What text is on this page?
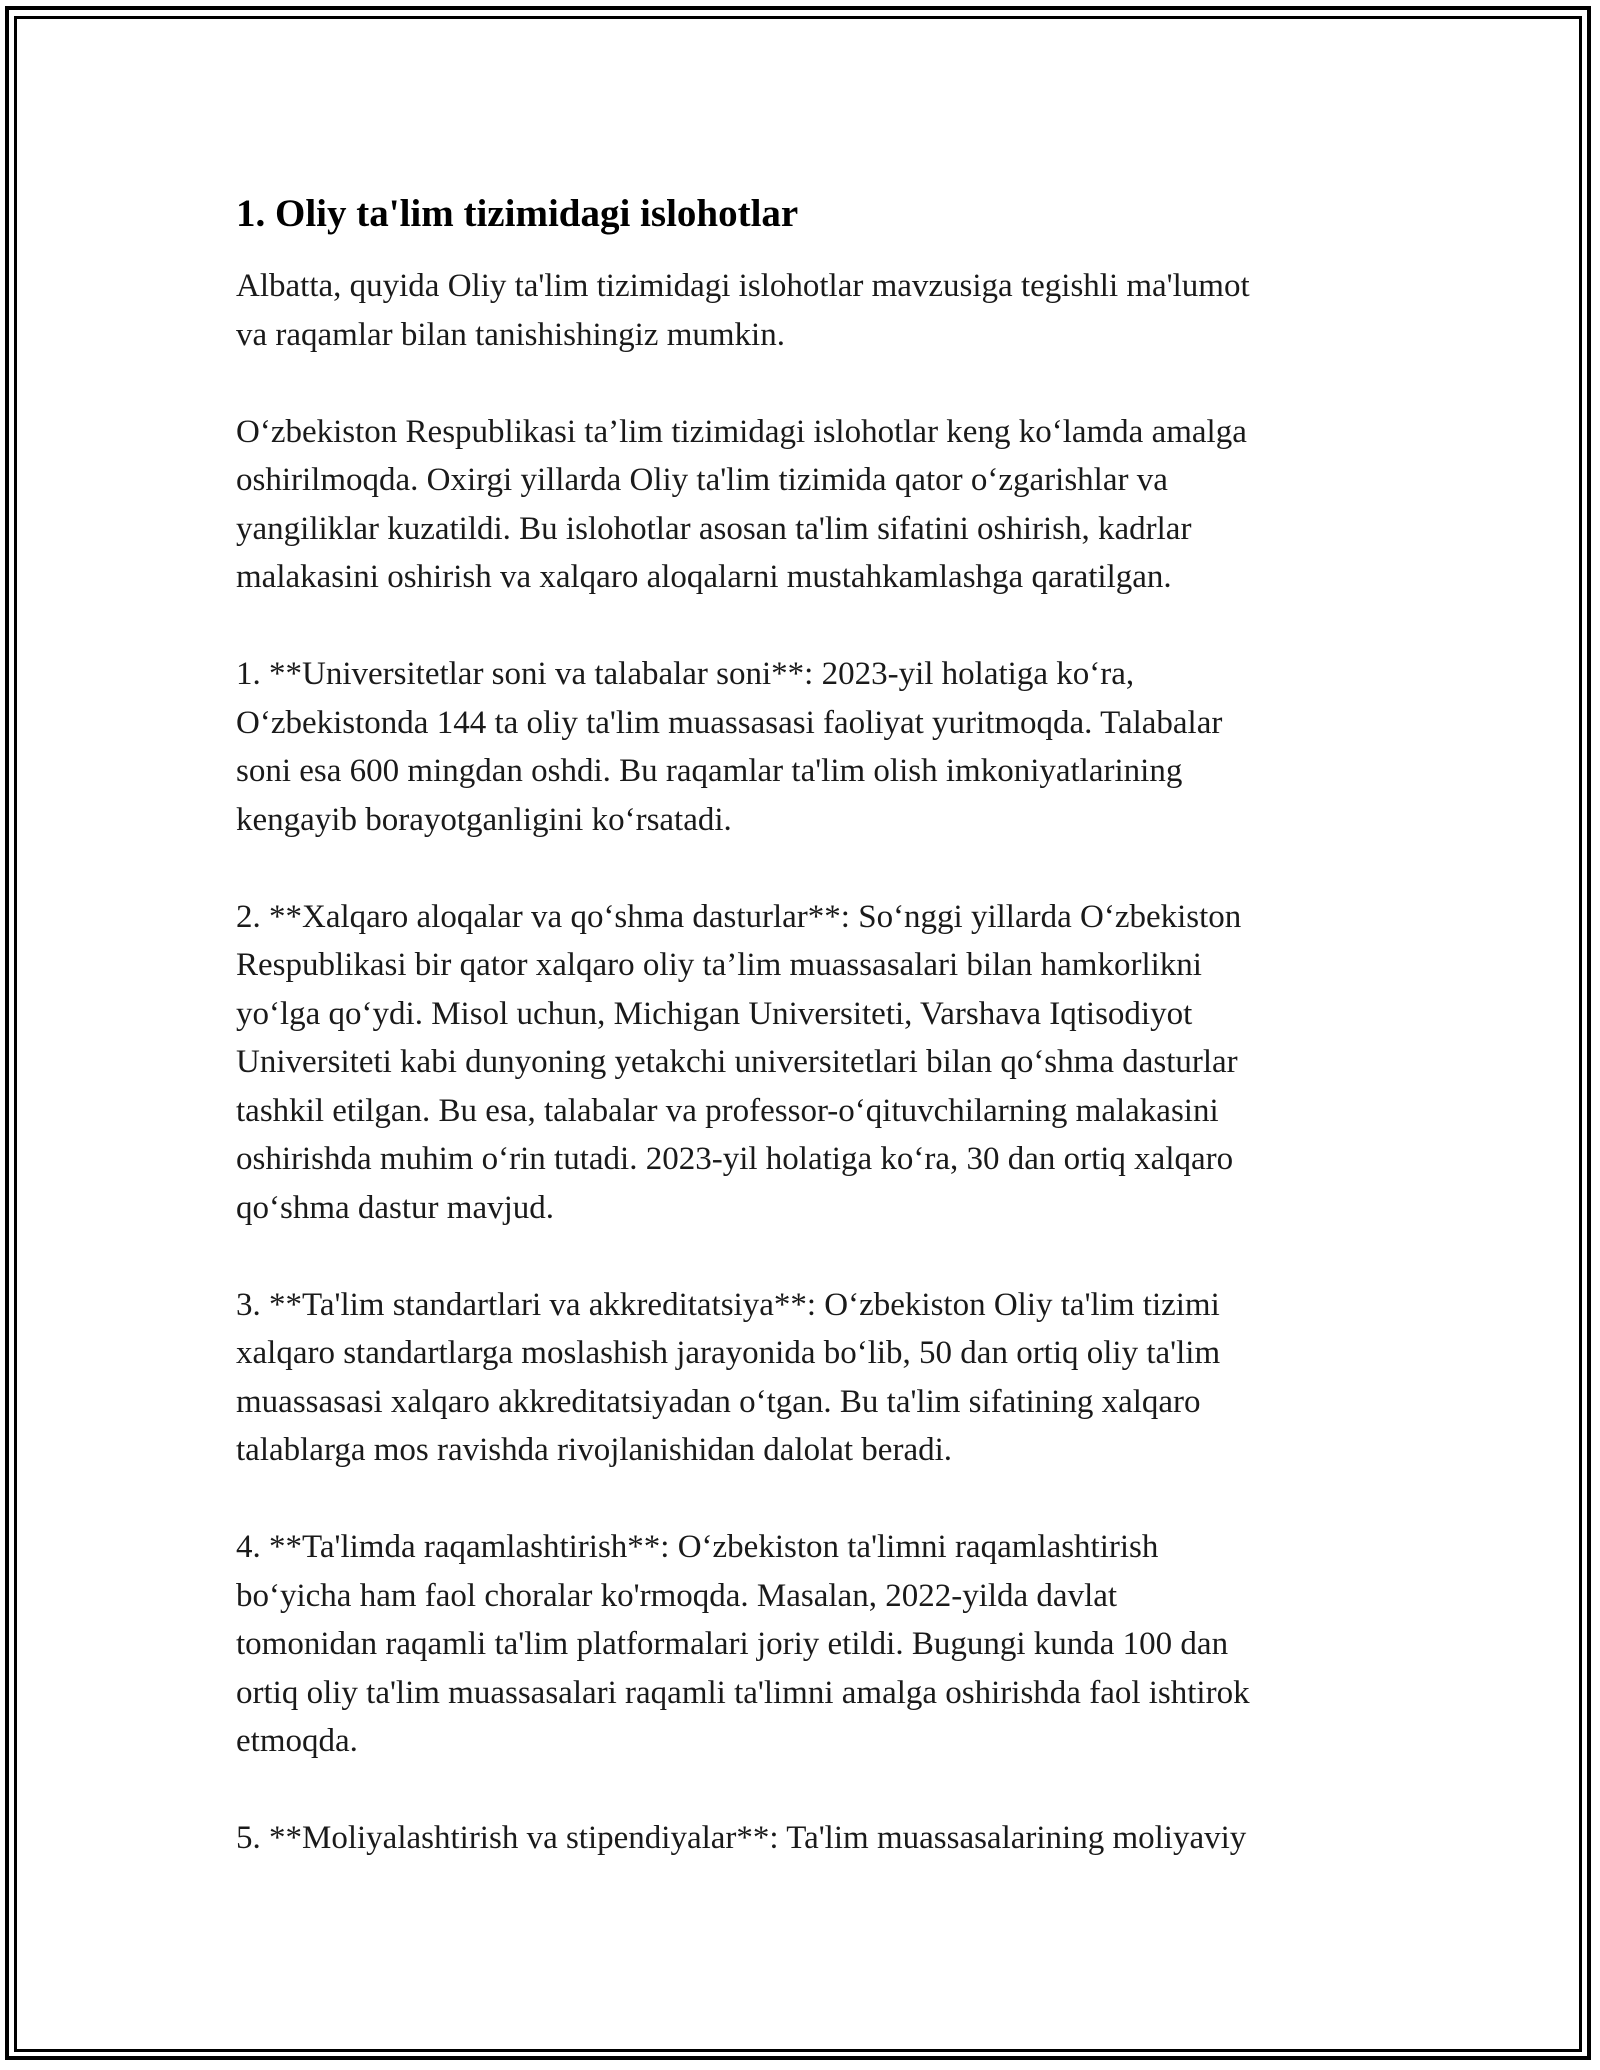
1. Oliy ta'lim tizimidagi islohotlar

Albatta, quyida Oliy ta'lim tizimidagi islohotlar mavzusiga tegishli ma'lumot
va raqamlar bilan tanishishingiz mumkin.

O‘zbekiston Respublikasi ta’lim tizimidagi islohotlar keng ko‘lamda amalga
oshirilmoqda. Oxirgi yillarda Oliy ta'lim tizimida qator o‘zgarishlar va
yangiliklar kuzatildi. Bu islohotlar asosan ta'lim sifatini oshirish, kadrlar
malakasini oshirish va xalqaro aloqalarni mustahkamlashga qaratilgan.

1. **Universitetlar soni va talabalar soni**: 2023-yil holatiga ko‘ra,
O‘zbekistonda 144 ta oliy ta'lim muassasasi faoliyat yuritmoqda. Talabalar
soni esa 600 mingdan oshdi. Bu raqamlar ta'lim olish imkoniyatlarining
kengayib borayotganligini ko‘rsatadi.

2. **Xalqaro aloqalar va qo‘shma dasturlar**: So‘nggi yillarda O‘zbekiston
Respublikasi bir qator xalqaro oliy ta’lim muassasalari bilan hamkorlikni
yo‘lga qo‘ydi. Misol uchun, Michigan Universiteti, Varshava Iqtisodiyot
Universiteti kabi dunyoning yetakchi universitetlari bilan qo‘shma dasturlar
tashkil etilgan. Bu esa, talabalar va professor-o‘qituvchilarning malakasini
oshirishda muhim o‘rin tutadi. 2023-yil holatiga ko‘ra, 30 dan ortiq xalqaro
qo‘shma dastur mavjud.

3. **Ta'lim standartlari va akkreditatsiya**: O‘zbekiston Oliy ta'lim tizimi
xalqaro standartlarga moslashish jarayonida bo‘lib, 50 dan ortiq oliy ta'lim
muassasasi xalqaro akkreditatsiyadan o‘tgan. Bu ta'lim sifatining xalqaro
talablarga mos ravishda rivojlanishidan dalolat beradi.

4. **Ta'limda raqamlashtirish**: O‘zbekiston ta'limni raqamlashtirish
bo‘yicha ham faol choralar ko'rmoqda. Masalan, 2022-yilda davlat
tomonidan raqamli ta'lim platformalari joriy etildi. Bugungi kunda 100 dan
ortiq oliy ta'lim muassasalari raqamli ta'limni amalga oshirishda faol ishtirok
etmoqda.

5. **Moliyalashtirish va stipendiyalar**: Ta'lim muassasalarining moliyaviy
